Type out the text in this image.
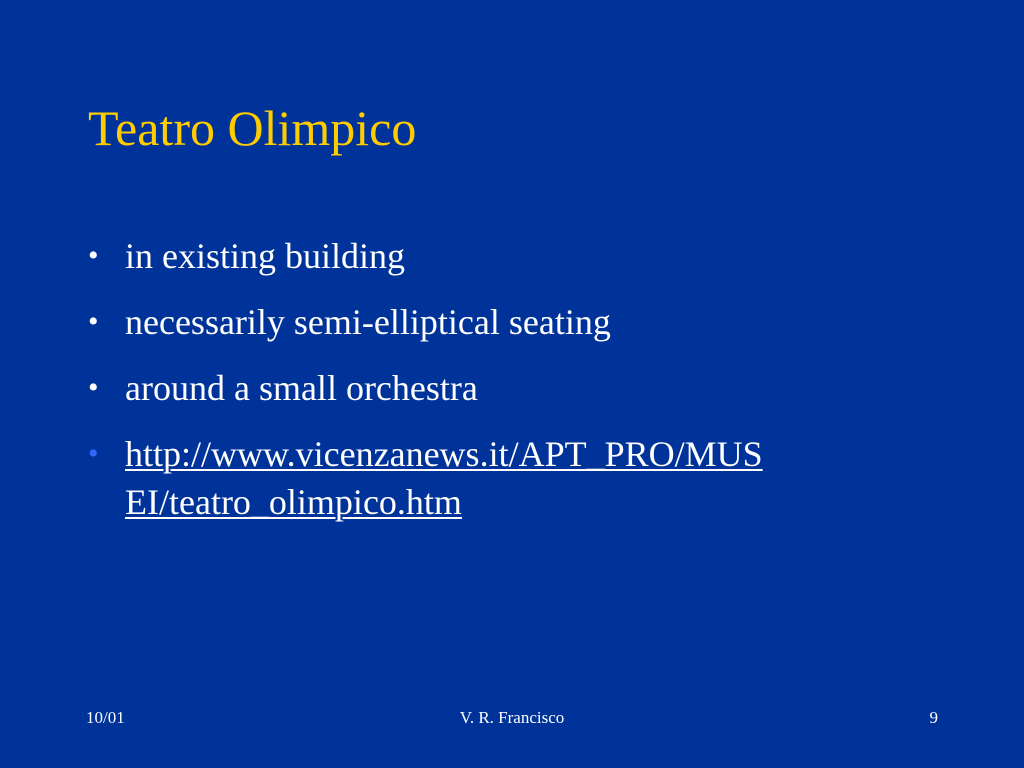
Teatro Olimpico
• in existing building
• necessarily semi-elliptical seating
• around a small orchestra
• http://www.vicenzanews.it/APT_PRO/MUS
EI/teatro_olimpico.htm
10/01	V. R. Francisco	9
